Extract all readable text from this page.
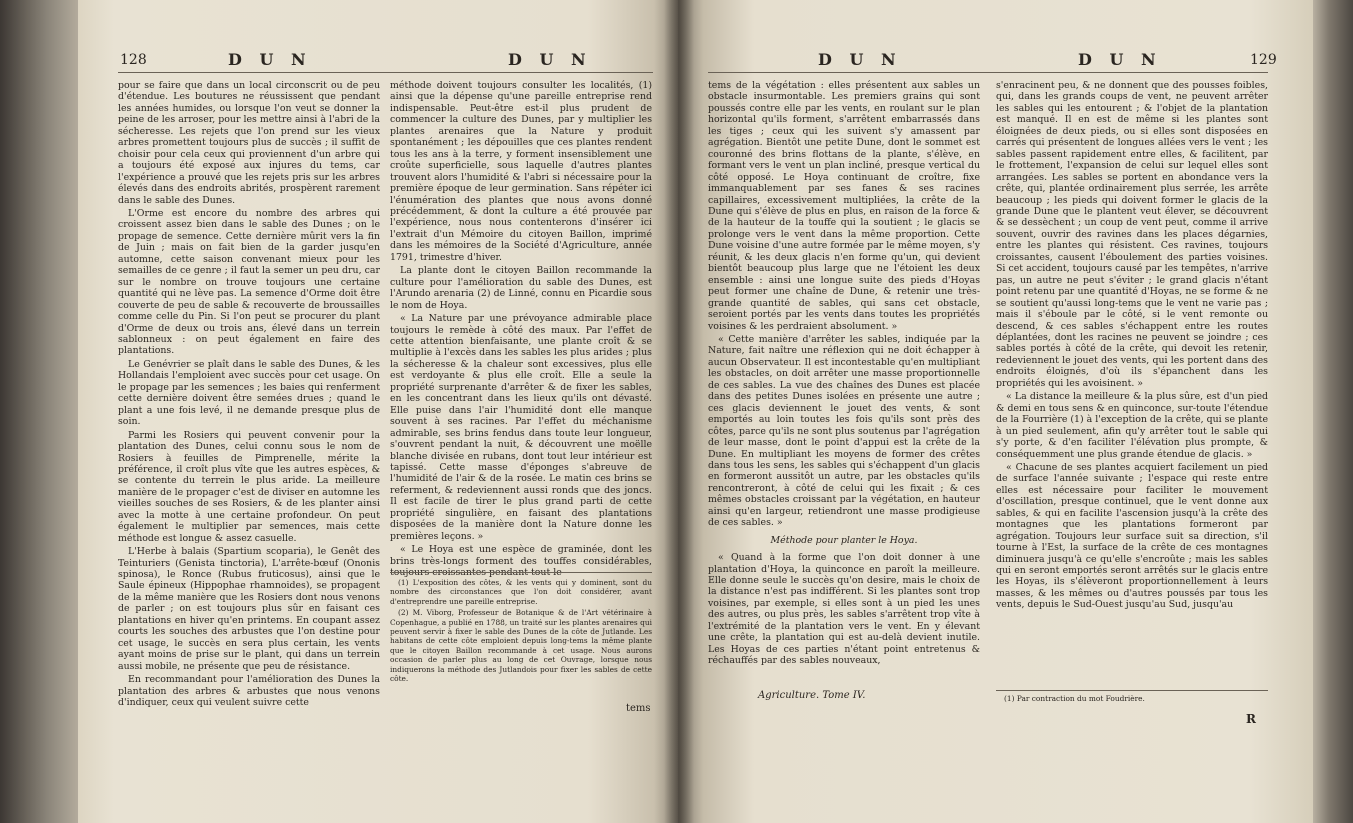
128	D U N	D U N

pour se faire que dans un local circonscrit ou de peu d'étendue. Les boutures ne réussissent que pendant les années humides, ou lorsque l'on veut se donner la peine de les arroser, pour les mettre ainsi à l'abri de la sécheresse. Les rejets que l'on prend sur les vieux arbres promettent toujours plus de succès ; il suffit de choisir pour cela ceux qui proviennent d'un arbre qui a toujours été exposé aux injures du tems, car l'expérience a prouvé que les rejets pris sur les arbres élevés dans des endroits abrités, prospèrent rarement dans le sable des Dunes.

L'Orme est encore du nombre des arbres qui croissent assez bien dans le sable des Dunes ; on le propage de semence. Cette dernière mûrit vers la fin de Juin ; mais on fait bien de la garder jusqu'en automne, cette saison convenant mieux pour les semailles de ce genre ; il faut la semer un peu dru, car sur le nombre on trouve toujours une certaine quantité qui ne lève pas. La semence d'Orme doit être couverte de peu de sable & recouverte de broussailles comme celle du Pin. Si l'on peut se procurer du plant d'Orme de deux ou trois ans, élevé dans un terrein sablonneux : on peut également en faire des plantations.

Le Genévrier se plaît dans le sable des Dunes, & les Hollandais l'emploient avec succès pour cet usage. On le propage par les semences ; les baies qui renferment cette dernière doivent être semées drues ; quand le plant a une fois levé, il ne demande presque plus de soin.

Parmi les Rosiers qui peuvent convenir pour la plantation des Dunes, celui connu sous le nom de Rosiers à feuilles de Pimprenelle, mérite la préférence, il croît plus vîte que les autres espèces, & se contente du terrein le plus aride. La meilleure manière de le propager c'est de diviser en automne les vieilles souches de ses Rosiers, & de les planter ainsi avec la motte à une certaine profondeur. On peut également le multiplier par semences, mais cette méthode est longue & assez casuelle.

L'Herbe à balais (Spartium scoparia), le Genêt des Teinturiers (Genista tinctoria), L'arrête-bœuf (Ononis spinosa), le Ronce (Rubus fruticosus), ainsi que le Saule épineux (Hippophae rhamnoides), se propagent de la même manière que les Rosiers dont nous venons de parler ; on est toujours plus sûr en faisant ces plantations en hiver qu'en printems. En coupant assez courts les souches des arbustes que l'on destine pour cet usage, le succès en sera plus certain, les vents ayant moins de prise sur le plant, qui dans un terrein aussi mobile, ne présente que peu de résistance.

En recommandant pour l'amélioration des Dunes la plantation des arbres & arbustes que nous venons d'indiquer, ceux qui veulent suivre cette

méthode doivent toujours consulter les localités, (1) ainsi que la dépense qu'une pareille entreprise rend indispensable. Peut-être est-il plus prudent de commencer la culture des Dunes, par y multiplier les plantes arenaires que la Nature y produit spontanément ; les dépouilles que ces plantes rendent tous les ans à la terre, y forment insensiblement une croûte superficielle, sous laquelle d'autres plantes trouvent alors l'humidité & l'abri si nécessaire pour la première époque de leur germination. Sans répéter ici l'énumération des plantes que nous avons donné précédemment, & dont la culture a été prouvée par l'expérience, nous nous contenterons d'insérer ici l'extrait d'un Mémoire du citoyen Baillon, imprimé dans les mémoires de la Société d'Agriculture, année 1791, trimestre d'hiver.

La plante dont le citoyen Baillon recommande la culture pour l'amélioration du sable des Dunes, est l'Arundo arenaria (2) de Linné, connu en Picardie sous le nom de Hoya.

« La Nature par une prévoyance admirable place toujours le remède à côté des maux. Par l'effet de cette attention bienfaisante, une plante croît & se multiplie à l'excès dans les sables les plus arides ; plus la sécheresse & la chaleur sont excessives, plus elle est verdoyante & plus elle croît. Elle a seule la propriété surprenante d'arrêter & de fixer les sables, en les concentrant dans les lieux qu'ils ont dévasté. Elle puise dans l'air l'humidité dont elle manque souvent à ses racines. Par l'effet du méchanisme admirable, ses brins fendus dans toute leur longueur, s'ouvrent pendant la nuit, & découvrent une moëlle blanche divisée en rubans, dont tout leur intérieur est tapissé. Cette masse d'éponges s'abreuve de l'humidité de l'air & de la rosée. Le matin ces brins se referment, & redeviennent aussi ronds que des joncs. Il est facile de tirer le plus grand parti de cette propriété singulière, en faisant des plantations disposées de la manière dont la Nature donne les premières leçons. »

« Le Hoya est une espèce de graminée, dont les brins très-longs forment des touffes considérables,

(1) L'exposition des côtes, & les vents qui y dominent, sont du nombre des circonstances que l'on doit considérer, avant d'entreprendre une pareille entreprise.

(2) M. Viborg, Professeur de Botanique & de l'Art vétérinaire à Copenhague, a publié en 1788, un traité sur les plantes arenaires qui peuvent servir à fixer le sable des Dunes de la côte de Jutlande. Les habitans de cette côte emploient depuis long-tems la même plante que le citoyen Baillon recommande à cet usage. Nous aurons occasion de parler plus au long de cet Ouvrage, lorsque nous indiquerons la méthode des Jutlandois pour fixer les sables de cette côte.

tems
D U N	D U N	129

tems de la végétation : elles présentent aux sables un obstacle insurmontable. Les premiers grains qui sont poussés contre elle par les vents, en roulant sur le plan horizontal qu'ils forment, s'arrêtent embarrassés dans les tiges ; ceux qui les suivent s'y amassent par agrégation. Bientôt une petite Dune, dont le sommet est couronné des brins flottans de la plante, s'élève, en formant vers le vent un plan incliné, presque vertical du côté opposé. Le Hoya continuant de croître, fixe immanquablement par ses fanes & ses racines capillaires, excessivement multipliées, la crête de la Dune qui s'élève de plus en plus, en raison de la force & de la hauteur de la touffe qui la soutient ; le glacis se prolonge vers le vent dans la même proportion. Cette Dune voisine d'une autre formée par le même moyen, s'y réunit, & les deux glacis n'en forme qu'un, qui devient bientôt beaucoup plus large que ne l'étoient les deux ensemble : ainsi une longue suite des pieds d'Hoyas peut former une chaîne de Dune, & retenir une très-grande quantité de sables, qui sans cet obstacle, seroient portés par les vents dans toutes les propriétés voisines & les perdraient absolument. »

« Cette manière d'arrêter les sables, indiquée par la Nature, fait naître une réflexion qui ne doit échapper à aucun Observateur. Il est incontestable qu'en multipliant les obstacles, on doit arrêter une masse proportionnelle de ces sables. La vue des chaînes des Dunes est placée dans des petites Dunes isolées en présente une autre ; ces glacis deviennent le jouet des vents, & sont emportés au loin toutes les fois qu'ils sont près des côtes, parce qu'ils ne sont plus soutenus par l'agrégation de leur masse, dont le point d'appui est la crête de la Dune. En multipliant les moyens de former des crêtes dans tous les sens, les sables qui s'échappent d'un glacis en formeront aussitôt un autre, par les obstacles qu'ils rencontreront, à côté de celui qui les fixait ; & ces mêmes obstacles croissant par la végétation, en hauteur ainsi qu'en largeur, retiendront une masse prodigieuse de ces sables. »

Méthode pour planter le Hoya.

« Quand à la forme que l'on doit donner à une plantation d'Hoya, la quinconce en paroît la meilleure. Elle donne seule le succès qu'on desire, mais le choix de la distance n'est pas indifférent. Si les plantes sont trop voisines, par exemple, si elles sont à un pied les unes des autres, ou plus près, les sables s'arrêtent trop vîte à l'extrémité de la plantation vers le vent. En y élevant une crête, la plantation qui est au-delà devient inutile. Les Hoyas de ces parties n'étant point entretenus & réchauffés par des sables nouveaux,

Agriculture. Tome IV.

s'enracinent peu, & ne donnent que des pousses foibles, qui, dans les grands coups de vent, ne peuvent arrêter les sables qui les entourent ; & l'objet de la plantation est manqué. Il en est de même si les plantes sont éloignées de deux pieds, ou si elles sont disposées en carrés qui présentent de longues allées vers le vent ; les sables passent rapidement entre elles, & facilitent, par le frottement, l'expansion de celui sur lequel elles sont arrangées. Les sables se portent en abondance vers la crête, qui, plantée ordinairement plus serrée, les arrête beaucoup ; les pieds qui doivent former le glacis de la grande Dune que le plantent veut élever, se découvrent & se dessèchent ; un coup de vent peut, comme il arrive souvent, ouvrir des ravines dans les places dégarnies, entre les plantes qui résistent. Ces ravines, toujours croissantes, causent l'éboulement des parties voisines. Si cet accident, toujours causé par les tempêtes, n'arrive pas, un autre ne peut s'éviter ; le grand glacis n'étant point retenu par une quantité d'Hoyas, ne se forme & ne se soutient qu'aussi long-tems que le vent ne varie pas ; mais il s'éboule par le côté, si le vent remonte ou descend, & ces sables s'échappent entre les routes déplantées, dont les racines ne peuvent se joindre ; ces sables portés à côté de la crête, qui devoit les retenir, redeviennent le jouet des vents, qui les portent dans des endroits éloignés, d'où ils s'épanchent dans les propriétés qui les avoisinent. »

« La distance la meilleure & la plus sûre, est d'un pied & demi en tous sens & en quinconce, sur-toute l'étendue de la Fourrière (1) à l'exception de la crête, qui se plante à un pied seulement, afin qu'y arrêter tout le sable qui s'y porte, & d'en faciliter l'élévation plus prompte, & conséquemment une plus grande étendue de glacis. »

« Chacune de ses plantes acquiert facilement un pied de surface l'année suivante ; l'espace qui reste entre elles est nécessaire pour faciliter le mouvement d'oscillation, presque continuel, que le vent donne aux sables, & qui en facilite l'ascension jusqu'à la crête des montagnes que les plantations formeront par agrégation. Toujours leur surface suit sa direction, s'il tourne à l'Est, la surface de la crête de ces montagnes diminuera jusqu'à ce qu'elle s'encroûte ; mais les sables qui en seront emportés seront arrêtés sur le glacis entre les Hoyas, ils s'élèveront proportionnellement à leurs masses, & les mêmes ou d'autres poussés par tous les vents, depuis le Sud-Ouest jusqu'au Sud, jusqu'au

(1) Par contraction du mot Foudrière.

R
